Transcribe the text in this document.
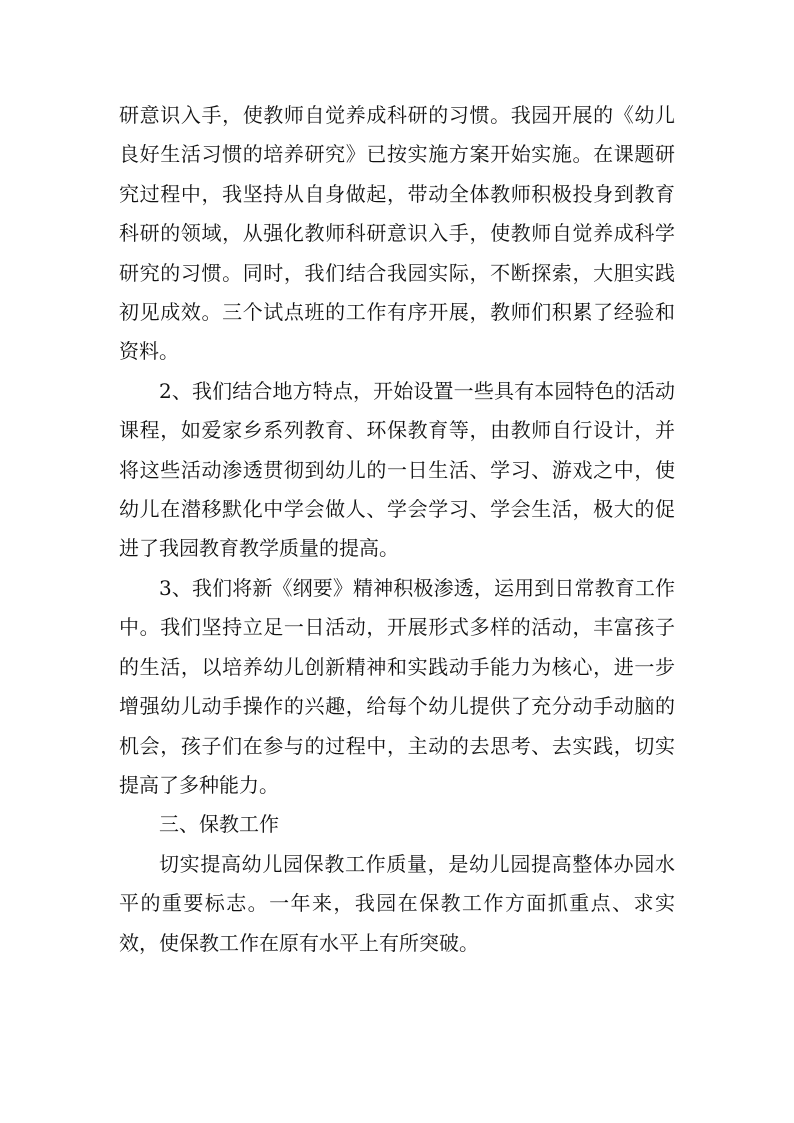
研意识入手，使教师自觉养成科研的习惯。我园开展的《幼儿良好生活习惯的培养研究》已按实施方案开始实施。在课题研究过程中，我坚持从自身做起，带动全体教师积极投身到教育科研的领域，从强化教师科研意识入手，使教师自觉养成科学研究的习惯。同时，我们结合我园实际，不断探索，大胆实践初见成效。三个试点班的工作有序开展，教师们积累了经验和资料。

2、我们结合地方特点，开始设置一些具有本园特色的活动课程，如爱家乡系列教育、环保教育等，由教师自行设计，并将这些活动渗透贯彻到幼儿的一日生活、学习、游戏之中，使幼儿在潜移默化中学会做人、学会学习、学会生活，极大的促进了我园教育教学质量的提高。

3、我们将新《纲要》精神积极渗透，运用到日常教育工作中。我们坚持立足一日活动，开展形式多样的活动，丰富孩子的生活，以培养幼儿创新精神和实践动手能力为核心，进一步增强幼儿动手操作的兴趣，给每个幼儿提供了充分动手动脑的机会，孩子们在参与的过程中，主动的去思考、去实践，切实提高了多种能力。

三、保教工作

切实提高幼儿园保教工作质量，是幼儿园提高整体办园水平的重要标志。一年来，我园在保教工作方面抓重点、求实效，使保教工作在原有水平上有所突破。
